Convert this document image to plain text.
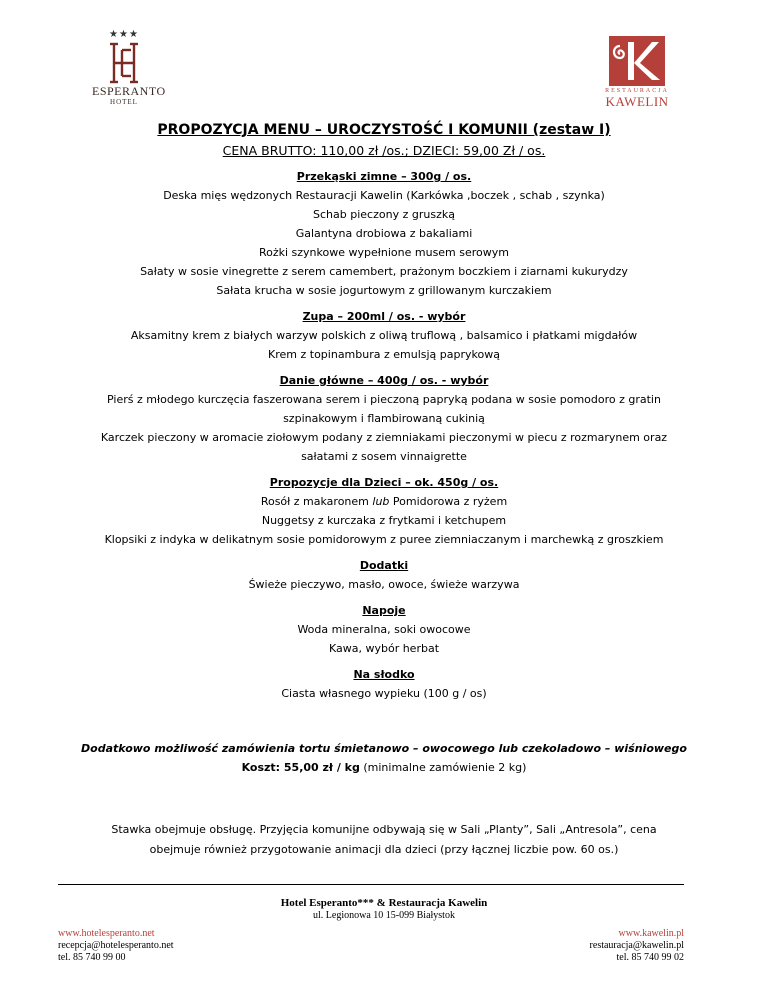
★★★
ESPERANTO
HOTEL
RESTAURACJA
KAWELIN
PROPOZYCJA MENU – UROCZYSTOŚĆ I KOMUNII (zestaw I)
CENA BRUTTO: 110,00 zł /os.; DZIECI: 59,00 Zł / os.
Przekąski zimne – 300g / os.
Deska mięs wędzonych Restauracji Kawelin (Karkówka ,boczek , schab , szynka)
Schab pieczony z gruszką
Galantyna drobiowa z bakaliami
Rożki szynkowe wypełnione musem serowym
Sałaty w sosie vinegrette z serem camembert, prażonym boczkiem i ziarnami kukurydzy
Sałata krucha w sosie jogurtowym z grillowanym kurczakiem
Zupa – 200ml / os. - wybór
Aksamitny krem z białych warzyw polskich z oliwą truflową , balsamico i płatkami migdałów
Krem z topinambura z emulsją paprykową
Danie główne – 400g / os. - wybór
Pierś z młodego kurczęcia faszerowana serem i pieczoną papryką podana w sosie pomodoro z gratin
szpinakowym i flambirowaną cukinią
Karczek pieczony w aromacie ziołowym podany z ziemniakami pieczonymi w piecu z rozmarynem oraz
sałatami z sosem vinnaigrette
Propozycje dla Dzieci – ok. 450g / os.
Rosół z makaronem lub Pomidorowa z ryżem
Nuggetsy z kurczaka z frytkami i ketchupem
Klopsiki z indyka w delikatnym sosie pomidorowym z puree ziemniaczanym i marchewką z groszkiem
Dodatki
Świeże pieczywo, masło, owoce, świeże warzywa
Napoje
Woda mineralna, soki owocowe
Kawa, wybór herbat
Na słodko
Ciasta własnego wypieku (100 g / os)
Dodatkowo możliwość zamówienia tortu śmietanowo – owocowego lub czekoladowo – wiśniowego
Koszt: 55,00 zł / kg (minimalne zamówienie 2 kg)
Stawka obejmuje obsługę. Przyjęcia komunijne odbywają się w Sali „Planty”, Sali „Antresola”, cena
obejmuje również przygotowanie animacji dla dzieci (przy łącznej liczbie pow. 60 os.)
Hotel Esperanto*** & Restauracja Kawelin
ul. Legionowa 10 15-099 Białystok
www.hotelesperanto.net
recepcja@hotelesperanto.net
tel. 85 740 99 00
www.kawelin.pl
restauracja@kawelin.pl
tel. 85 740 99 02
